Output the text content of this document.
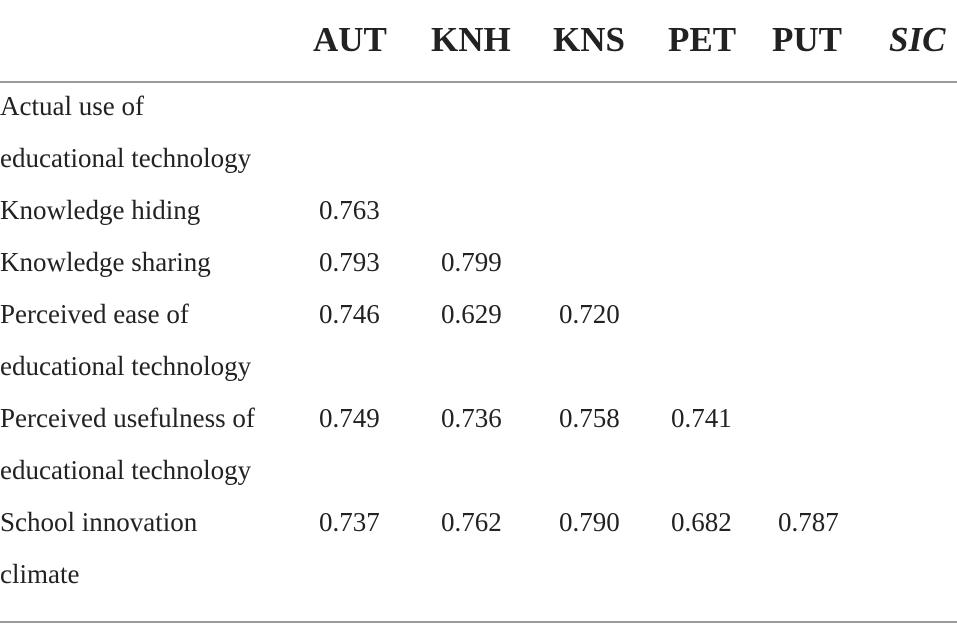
AUT KNH KNS PET PUT SIC
Actual use of
educational technology
Knowledge hiding	0.763
Knowledge sharing	0.793 0.799
Perceived ease of
educational technology
0.746 0.629 0.720
Perceived usefulness of
educational technology
0.749 0.736 0.758 0.741
School innovation
climate
0.737 0.762 0.790 0.682 0.787
